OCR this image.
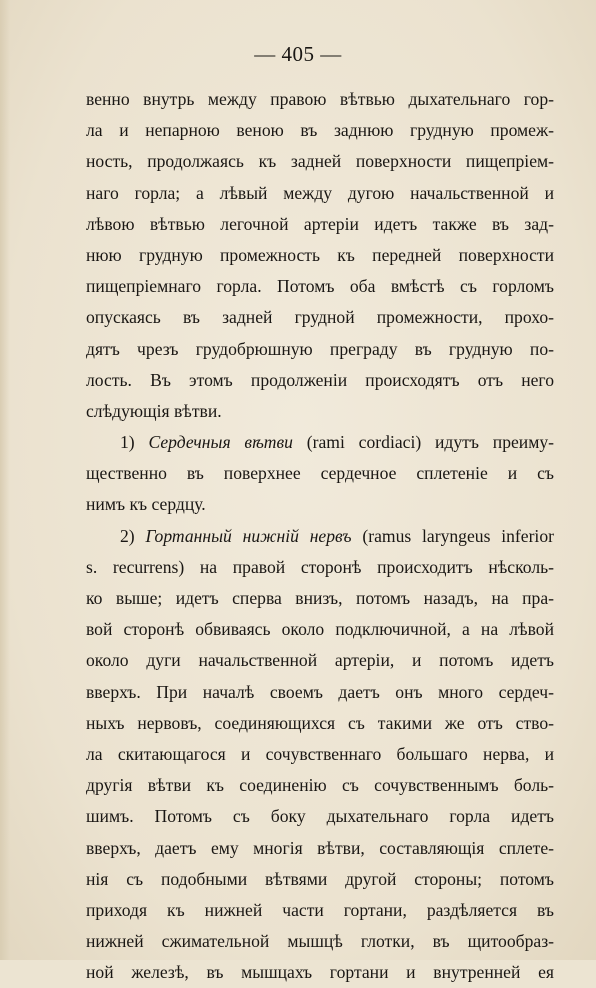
— 405 —
венно внутрь между правою вѣтвью дыхательнаго гор-
ла и непарною веною въ заднюю грудную промеж-
ность, продолжаясь къ задней поверхности пищепріем-
наго горла; а лѣвый между дугою начальственной и
лѣвою вѣтвью легочной артеріи идетъ также въ зад-
нюю грудную промежность къ передней поверхности
пищепріемнаго горла. Потомъ оба вмѣстѣ съ горломъ
опускаясь въ задней грудной промежности, прохо-
дятъ чрезъ грудобрюшную преграду въ грудную по-
лость. Въ этомъ продолженіи происходятъ отъ него
слѣдующія вѣтви.
1) Сердечныя вѣтви (rami cordiaci) идутъ преиму-
щественно въ поверхнее сердечное сплетеніе и съ
нимъ къ сердцу.
2) Гортанный нижній нервъ (ramus laryngeus inferior
s. recurrens) на правой сторонѣ происходитъ нѣсколь-
ко выше; идетъ сперва внизъ, потомъ назадъ, на пра-
вой сторонѣ обвиваясь около подключичной, а на лѣвой
около дуги начальственной артеріи, и потомъ идетъ
вверхъ. При началѣ своемъ даетъ онъ много сердеч-
ныхъ нервовъ, соединяющихся съ такими же отъ ство-
ла скитающагося и сочувственнаго большаго нерва, и
другія вѣтви къ соединенію съ сочувственнымъ боль-
шимъ. Потомъ съ боку дыхательнаго горла идетъ
вверхъ, даетъ ему многія вѣтви, составляющія сплете-
нія съ подобными вѣтвями другой стороны; потомъ
приходя къ нижней части гортани, раздѣляется въ
нижней сжимательной мышцѣ глотки, въ щитообраз-
ной железѣ, въ мышцахъ гортани и внутренней ея
